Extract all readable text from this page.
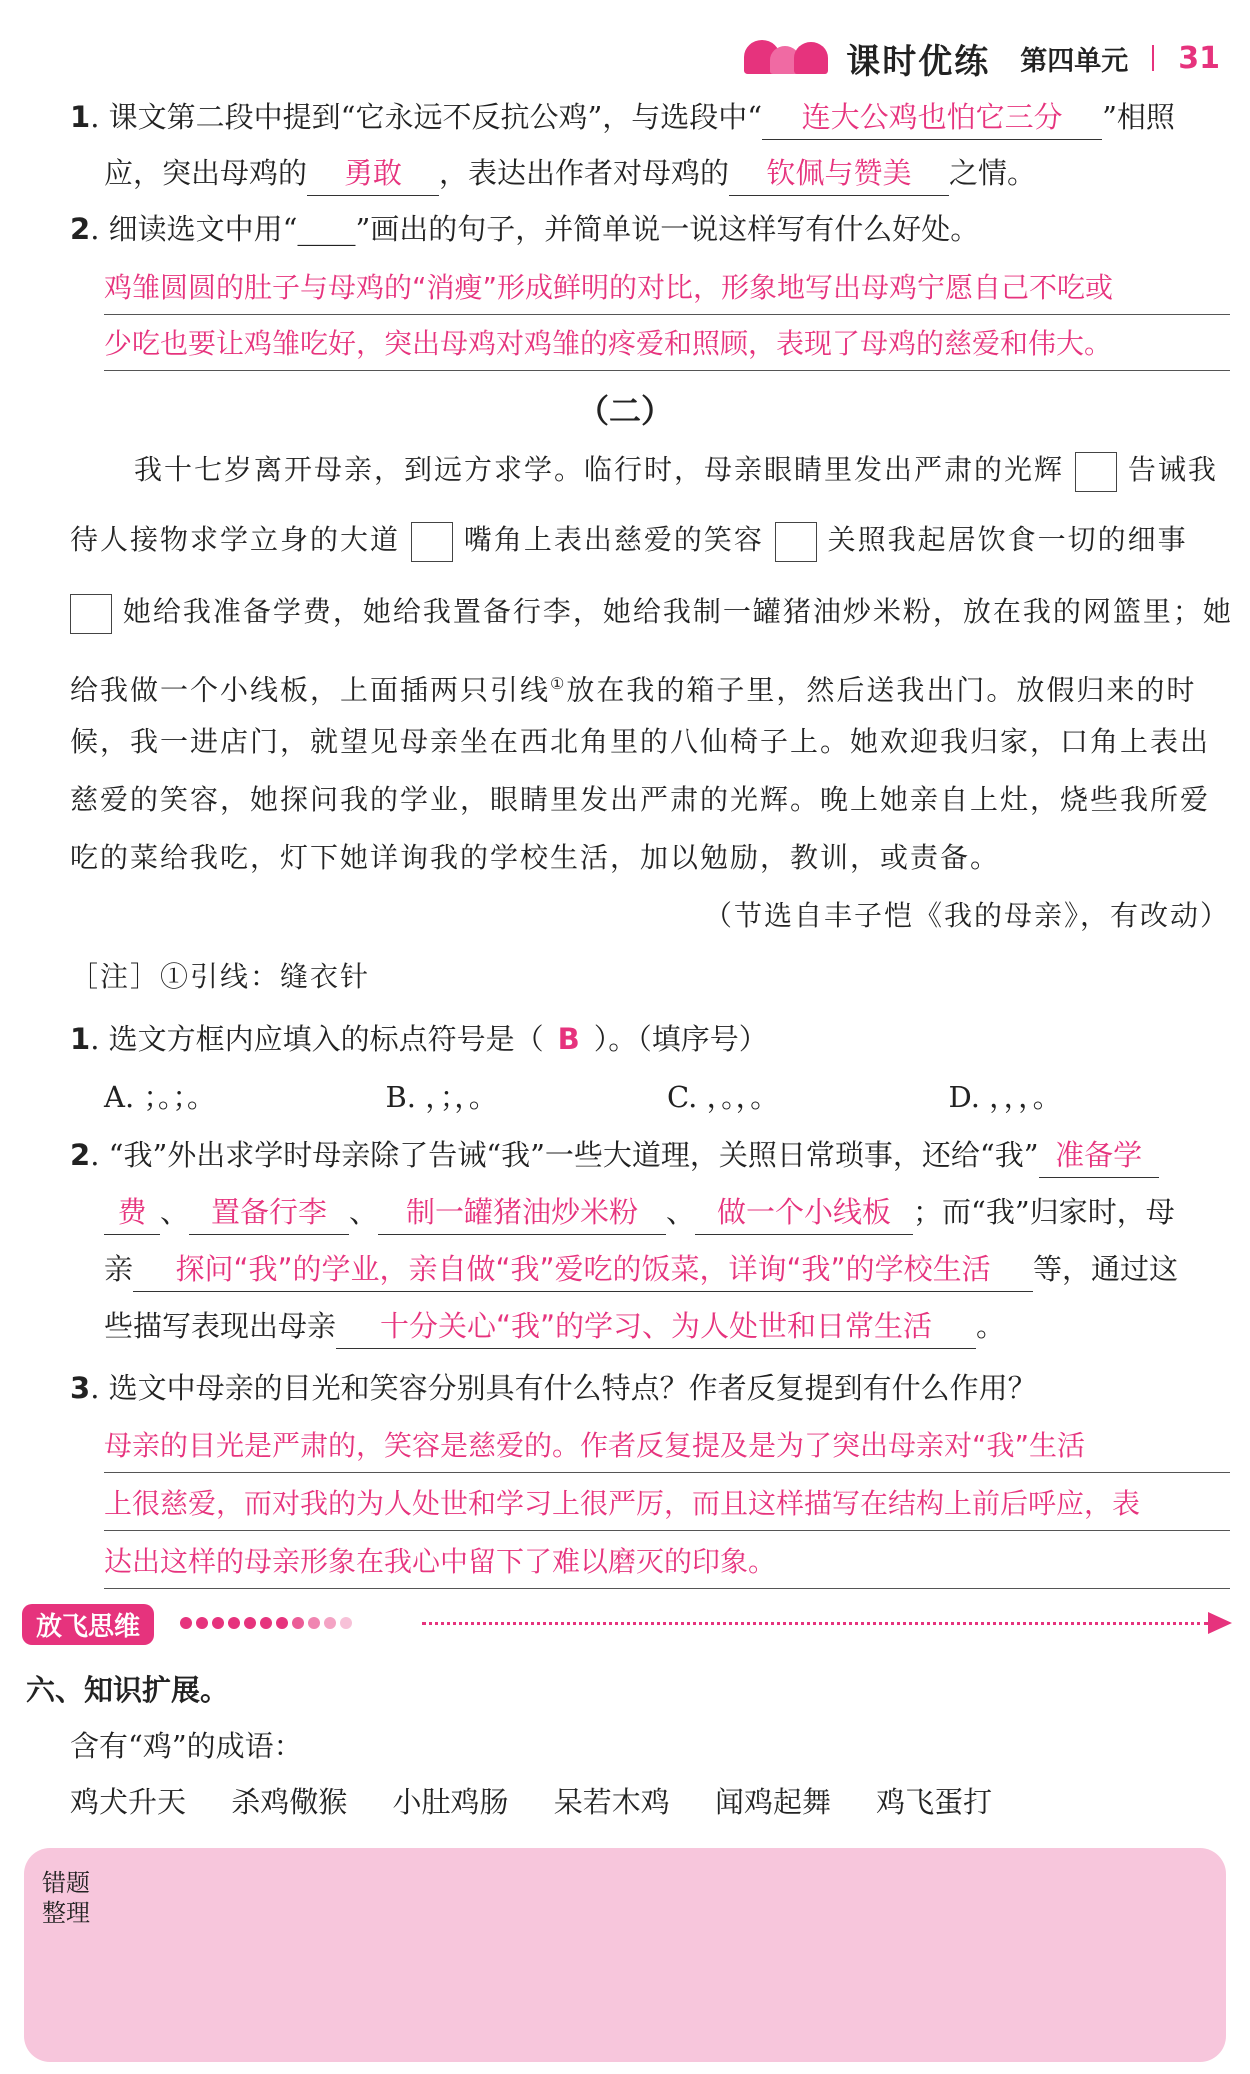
课时优练 第四单元 31
1. 课文第二段中提到“它永远不反抗公鸡”，与选段中“ 连大公鸡也怕它三分 ”相照
应，突出母鸡的 勇敢 ，表达出作者对母鸡的 钦佩与赞美 之情。
2. 细读选文中用“____”画出的句子，并简单说一说这样写有什么好处。
鸡雏圆圆的肚子与母鸡的“消瘦”形成鲜明的对比，形象地写出母鸡宁愿自己不吃或
少吃也要让鸡雏吃好，突出母鸡对鸡雏的疼爱和照顾，表现了母鸡的慈爱和伟大。
（二）
我十七岁离开母亲，到远方求学。临行时，母亲眼睛里发出严肃的光辉 告诫我
待人接物求学立身的大道 嘴角上表出慈爱的笑容 关照我起居饮食一切的细事
她给我准备学费，她给我置备行李，她给我制一罐猪油炒米粉，放在我的网篮里；她
给我做一个小线板，上面插两只引线①放在我的箱子里，然后送我出门。放假归来的时
候，我一进店门，就望见母亲坐在西北角里的八仙椅子上。她欢迎我归家，口角上表出
慈爱的笑容，她探问我的学业，眼睛里发出严肃的光辉。晚上她亲自上灶，烧些我所爱
吃的菜给我吃，灯下她详询我的学校生活，加以勉励，教训，或责备。
（节选自丰子恺《我的母亲》，有改动）
［注］①引线：缝衣针
1. 选文方框内应填入的标点符号是（ B ）。（填序号）
A. ；。；。	B. ，；，。	C. ，。，。	D. ，，，。
2. “我”外出求学时母亲除了告诫“我”一些大道理，关照日常琐事，还给“我” 准备学
费 、 置备行李 、 制一罐猪油炒米粉 、 做一个小线板 ；而“我”归家时，母
亲 探问“我”的学业，亲自做“我”爱吃的饭菜，详询“我”的学校生活 等，通过这
些描写表现出母亲 十分关心“我”的学习、为人处世和日常生活 。
3. 选文中母亲的目光和笑容分别具有什么特点？作者反复提到有什么作用？
母亲的目光是严肃的，笑容是慈爱的。作者反复提及是为了突出母亲对“我”生活
上很慈爱，而对我的为人处世和学习上很严厉，而且这样描写在结构上前后呼应，表
达出这样的母亲形象在我心中留下了难以磨灭的印象。
放飞思维
六、知识扩展。
含有“鸡”的成语：
鸡犬升天 杀鸡儆猴 小肚鸡肠 呆若木鸡 闻鸡起舞 鸡飞蛋打
错题
整理
